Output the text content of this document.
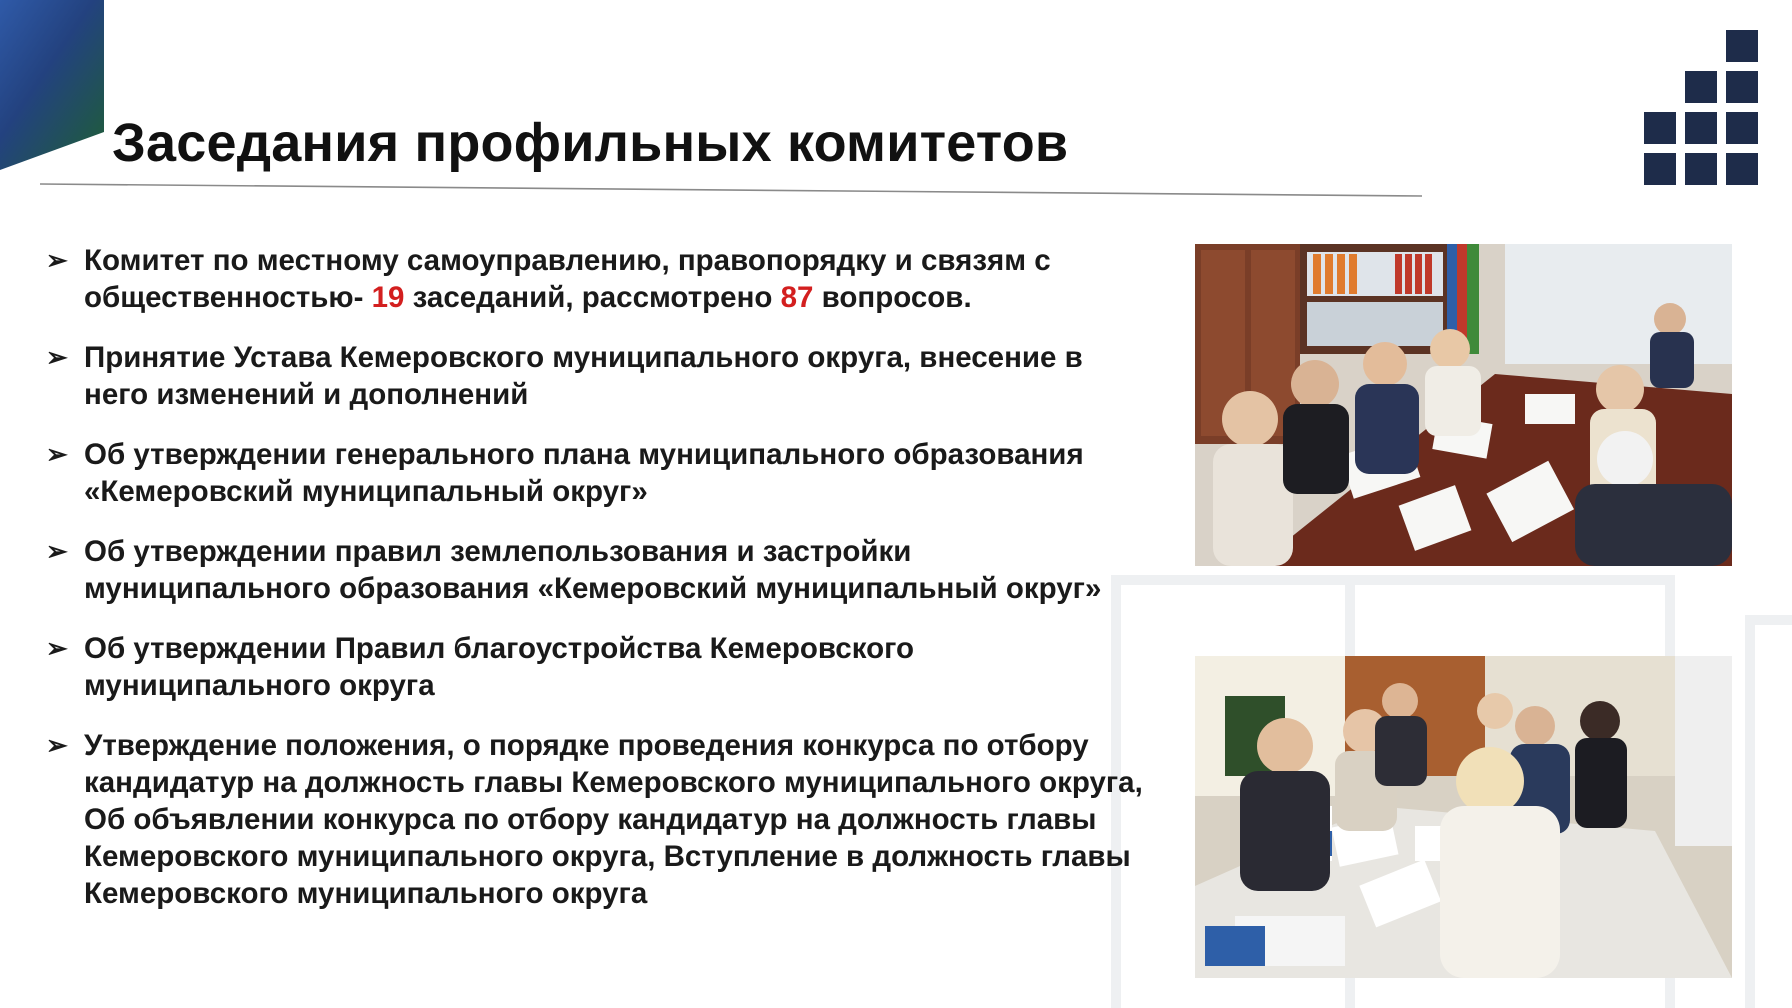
Заседания профильных комитетов
➢ Комитет по местному самоуправлению, правопорядку и связям с общественностью- 19 заседаний, рассмотрено 87 вопросов.
➢ Принятие Устава Кемеровского муниципального округа, внесение в него изменений и дополнений
➢ Об утверждении генерального плана муниципального образования «Кемеровский муниципальный округ»
➢ Об утверждении правил землепользования и застройки муниципального образования «Кемеровский муниципальный округ»
➢ Об утверждении Правил благоустройства Кемеровского муниципального округа
➢ Утверждение положения, о порядке проведения конкурса по отбору кандидатур на должность главы Кемеровского муниципального округа, Об объявлении конкурса по отбору кандидатур на должность главы Кемеровского муниципального округа, Вступление в должность главы Кемеровского муниципального округа
